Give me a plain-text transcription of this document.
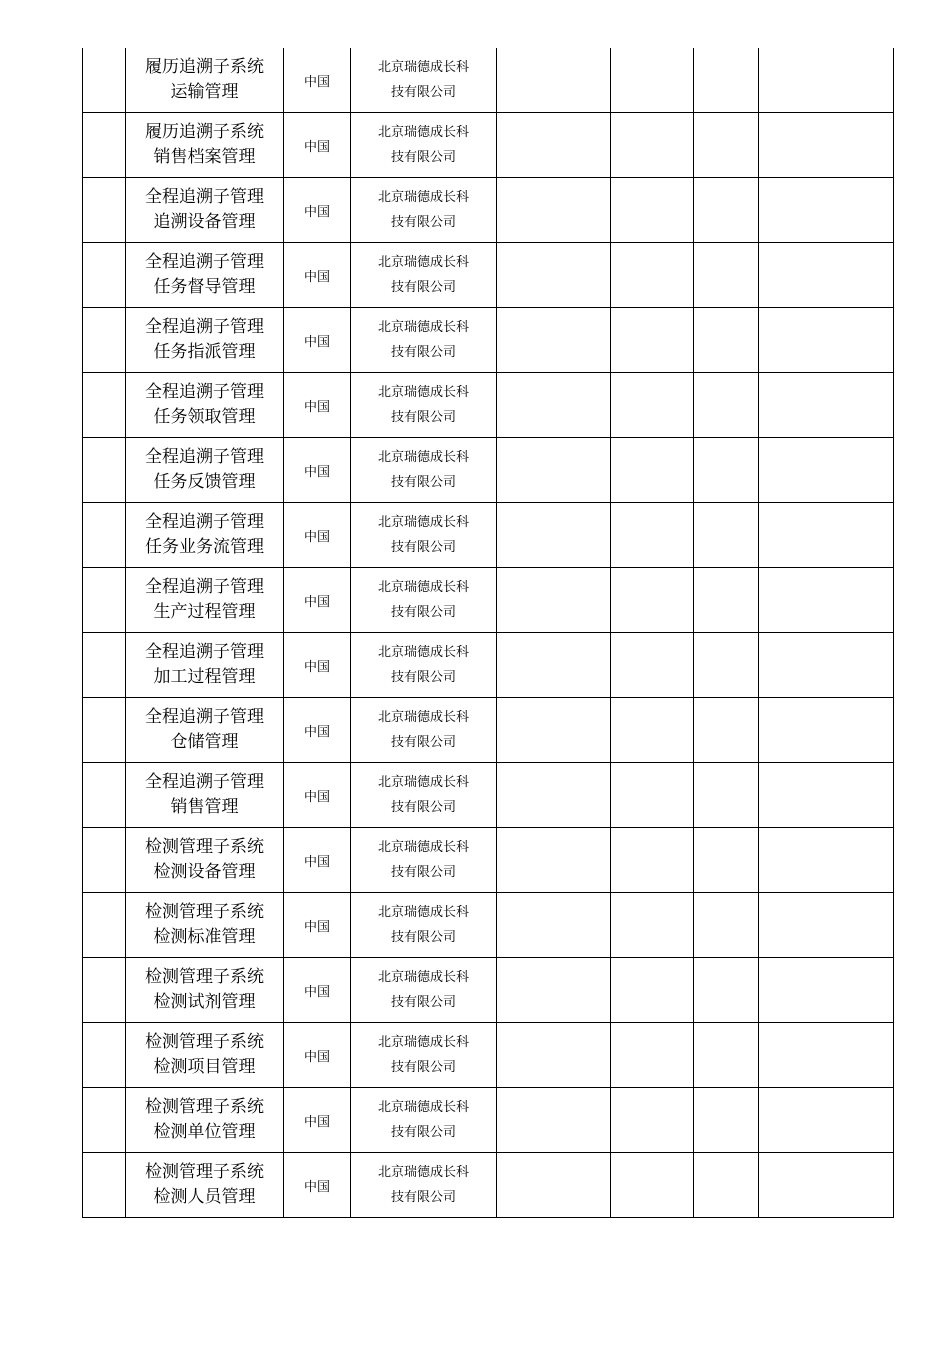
	履历追溯子系统
运输管理	中国	北京瑞德成长科
技有限公司				

	履历追溯子系统
销售档案管理	中国	北京瑞德成长科
技有限公司				

	全程追溯子管理
追溯设备管理	中国	北京瑞德成长科
技有限公司				

	全程追溯子管理
任务督导管理	中国	北京瑞德成长科
技有限公司				

	全程追溯子管理
任务指派管理	中国	北京瑞德成长科
技有限公司				

	全程追溯子管理
任务领取管理	中国	北京瑞德成长科
技有限公司				

	全程追溯子管理
任务反馈管理	中国	北京瑞德成长科
技有限公司				

	全程追溯子管理
任务业务流管理	中国	北京瑞德成长科
技有限公司				

	全程追溯子管理
生产过程管理	中国	北京瑞德成长科
技有限公司				

	全程追溯子管理
加工过程管理	中国	北京瑞德成长科
技有限公司				

	全程追溯子管理
仓储管理	中国	北京瑞德成长科
技有限公司				

	全程追溯子管理
销售管理	中国	北京瑞德成长科
技有限公司				

	检测管理子系统
检测设备管理	中国	北京瑞德成长科
技有限公司				

	检测管理子系统
检测标准管理	中国	北京瑞德成长科
技有限公司				

	检测管理子系统
检测试剂管理	中国	北京瑞德成长科
技有限公司				

	检测管理子系统
检测项目管理	中国	北京瑞德成长科
技有限公司				

	检测管理子系统
检测单位管理	中国	北京瑞德成长科
技有限公司				

	检测管理子系统
检测人员管理	中国	北京瑞德成长科
技有限公司				
